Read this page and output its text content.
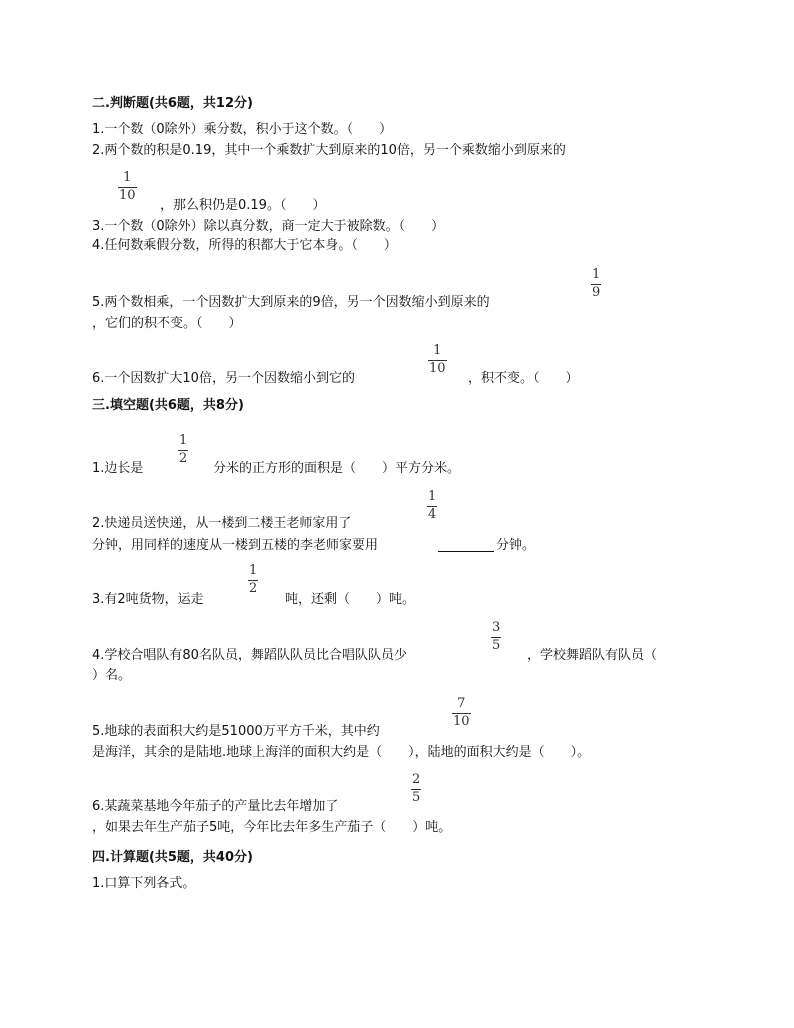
二.判断题(共6题，共12分)
1.一个数（0除外）乘分数，积小于这个数。（　　）
2.两个数的积是0.19，其中一个乘数扩大到原来的10倍，另一个乘数缩小到原来的
1
10
，那么积仍是0.19。（　　）
3.一个数（0除外）除以真分数，商一定大于被除数。（　　）
4.任何数乘假分数，所得的积都大于它本身。（　　）
1
9
5.两个数相乘，一个因数扩大到原来的9倍，另一个因数缩小到原来的
，它们的积不变。（　　）
1
10
6.一个因数扩大10倍，另一个因数缩小到它的	，积不变。（　　）
三.填空题(共6题，共8分)
1
2
1.边长是	分米的正方形的面积是（　　）平方分米。
1
4
2.快递员送快递，从一楼到二楼王老师家用了
分钟，用同样的速度从一楼到五楼的李老师家要用	分钟。
1
2
3.有2吨货物，运走	吨，还剩（　　）吨。
3
5
4.学校合唱队有80名队员，舞蹈队队员比合唱队队员少	，学校舞蹈队有队员（
）名。
7
10
5.地球的表面积大约是51000万平方千米，其中约
是海洋，其余的是陆地.地球上海洋的面积大约是（　　），陆地的面积大约是（　　）。
2
5
6.某蔬菜基地今年茄子的产量比去年增加了
，如果去年生产茄子5吨，今年比去年多生产茄子（　　）吨。
四.计算题(共5题，共40分)
1.口算下列各式。
